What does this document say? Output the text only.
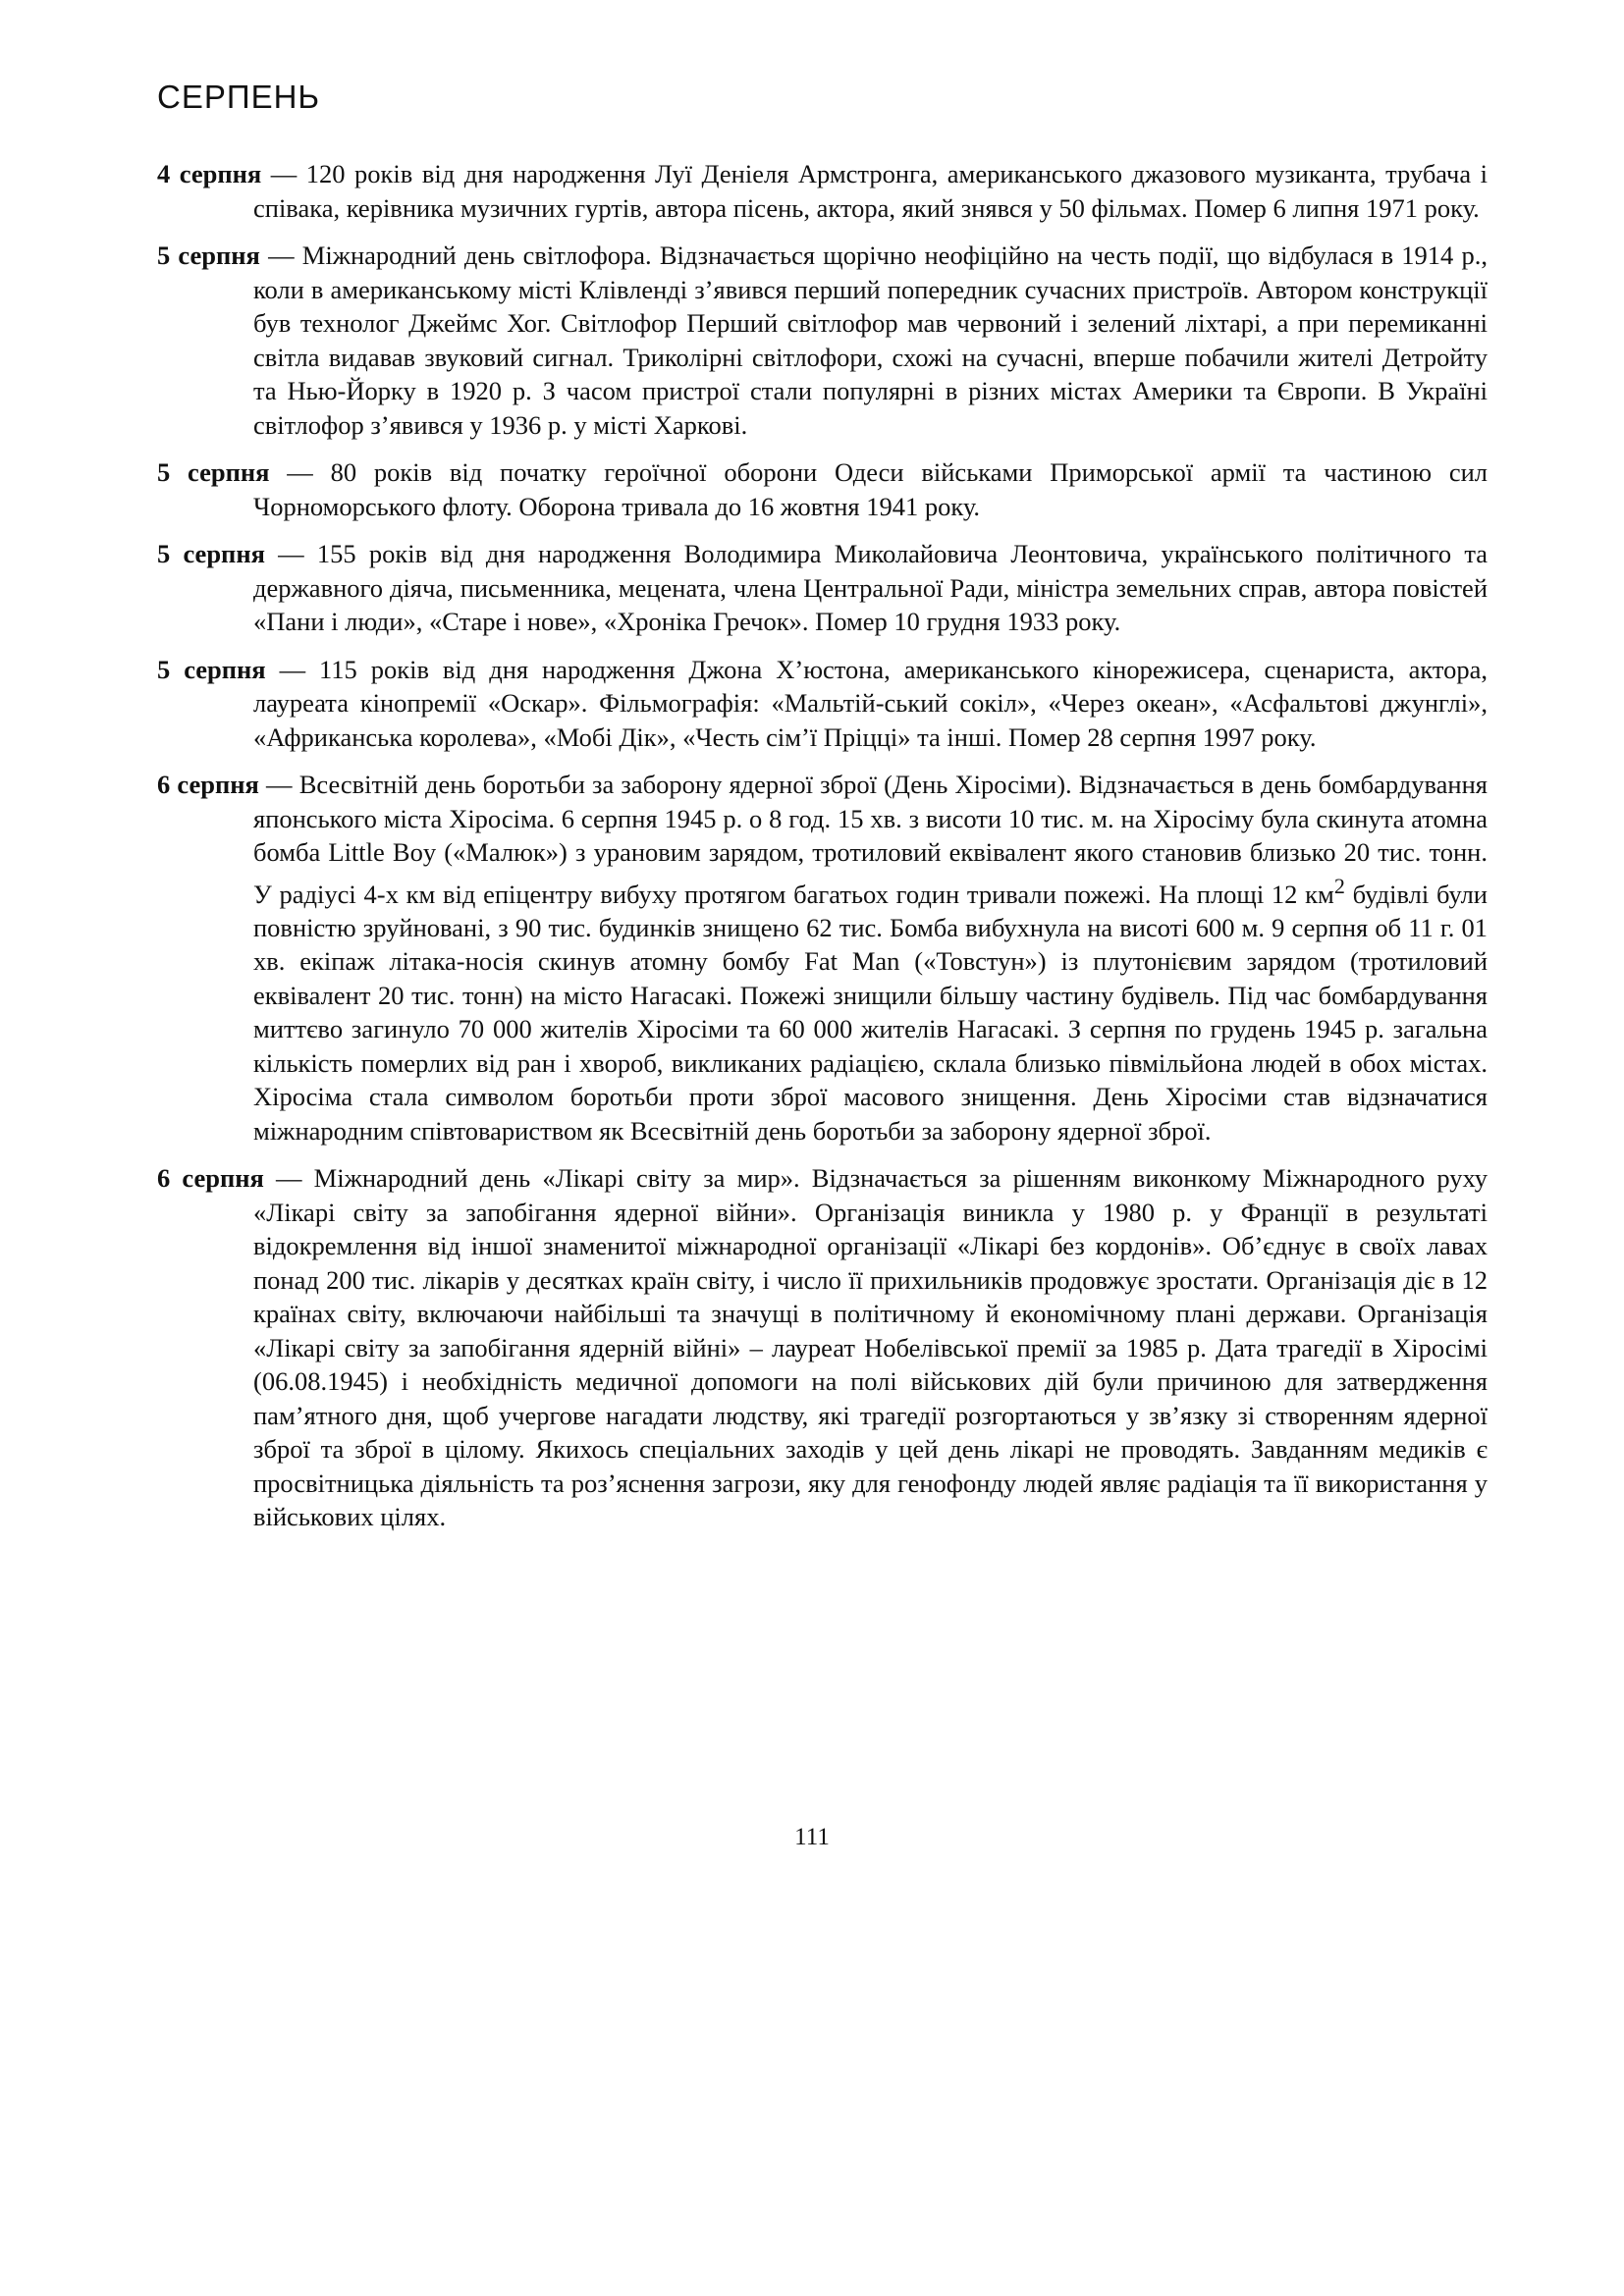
СЕРПЕНЬ

4 серпня — 120 років від дня народження Луї Деніеля Армстронга, американського джазового музиканта, трубача і співака, керівника музичних гуртів, автора пісень, актора, який знявся у 50 фільмах. Помер 6 липня 1971 року.

5 серпня — Міжнародний день світлофора. Відзначається щорічно неофіційно на честь події, що відбулася в 1914 р., коли в американському місті Клівленді з’явився перший попередник сучасних пристроїв. Автором конструкції був технолог Джеймс Хог. Світлофор Перший світлофор мав червоний і зелений ліхтарі, а при перемиканні світла видавав звуковий сигнал. Триколірні світлофори, схожі на сучасні, вперше побачили жителі Детройту та Нью-Йорку в 1920 р. З часом пристрої стали популярні в різних містах Америки та Європи. В Україні світлофор з’явився у 1936 р. у місті Харкові.

5 серпня — 80 років від початку героїчної оборони Одеси військами Приморської армії та частиною сил Чорноморського флоту. Оборона тривала до 16 жовтня 1941 року.

5 серпня — 155 років від дня народження Володимира Миколайовича Леонтовича, українського політичного та державного діяча, письменника, мецената, члена Центральної Ради, міністра земельних справ, автора повістей «Пани і люди», «Старе і нове», «Хроніка Гречок». Помер 10 грудня 1933 року.

5 серпня — 115 років від дня народження Джона Х’юстона, американського кінорежисера, сценариста, актора, лауреата кінопремії «Оскар». Фільмографія: «Мальтій-ський сокіл», «Через океан», «Асфальтові джунглі», «Африканська королева», «Мобі Дік», «Честь сім’ї Пріцці» та інші. Помер 28 серпня 1997 року.

6 серпня — Всесвітній день боротьби за заборону ядерної зброї (День Хіросіми). Відзначається в день бомбардування японського міста Хіросіма. 6 серпня 1945 р. о 8 год. 15 хв. з висоти 10 тис. м. на Хіросіму була скинута атомна бомба Little Boy («Малюк») з урановим зарядом, тротиловий еквівалент якого становив близько 20 тис. тонн. У радіусі 4-х км від епіцентру вибуху протягом багатьох годин тривали пожежі. На площі 12 $км^2$ будівлі були повністю зруйновані, з 90 тис. будинків знищено 62 тис. Бомба вибухнула на висоті 600 м. 9 серпня об 11 г. 01 хв. екіпаж літака-носія скинув атомну бомбу Fat Man («Товстун») із плутонієвим зарядом (тротиловий еквівалент 20 тис. тонн) на місто Нагасакі. Пожежі знищили більшу частину будівель. Під час бомбардування миттєво загинуло 70 000 жителів Хіросіми та 60 000 жителів Нагасакі. З серпня по грудень 1945 р. загальна кількість померлих від ран і хвороб, викликаних радіацією, склала близько півмільйона людей в обох містах. Хіросіма стала символом боротьби проти зброї масового знищення. День Хіросіми став відзначатися міжнародним співтовариством як Всесвітній день боротьби за заборону ядерної зброї.

6 серпня — Міжнародний день «Лікарі світу за мир». Відзначається за рішенням виконкому Міжнародного руху «Лікарі світу за запобігання ядерної війни». Організація виникла у 1980 р. у Франції в результаті відокремлення від іншої знаменитої міжнародної організації «Лікарі без кордонів». Об’єднує в своїх лавах понад 200 тис. лікарів у десятках країн світу, і число її прихильників продовжує зростати. Організація діє в 12 країнах світу, включаючи найбільші та значущі в політичному й економічному плані держави. Організація «Лікарі світу за запобігання ядерній війні» – лауреат Нобелівської премії за 1985 р. Дата трагедії в Хіросімі (06.08.1945) і необхідність медичної допомоги на полі військових дій були причиною для затвердження пам’ятного дня, щоб учергове нагадати людству, які трагедії розгортаються у зв’язку зі створенням ядерної зброї та зброї в цілому. Якихось спеціальних заходів у цей день лікарі не проводять. Завданням медиків є просвітницька діяльність та роз’яснення загрози, яку для генофонду людей являє радіація та її використання у військових цілях.

111
